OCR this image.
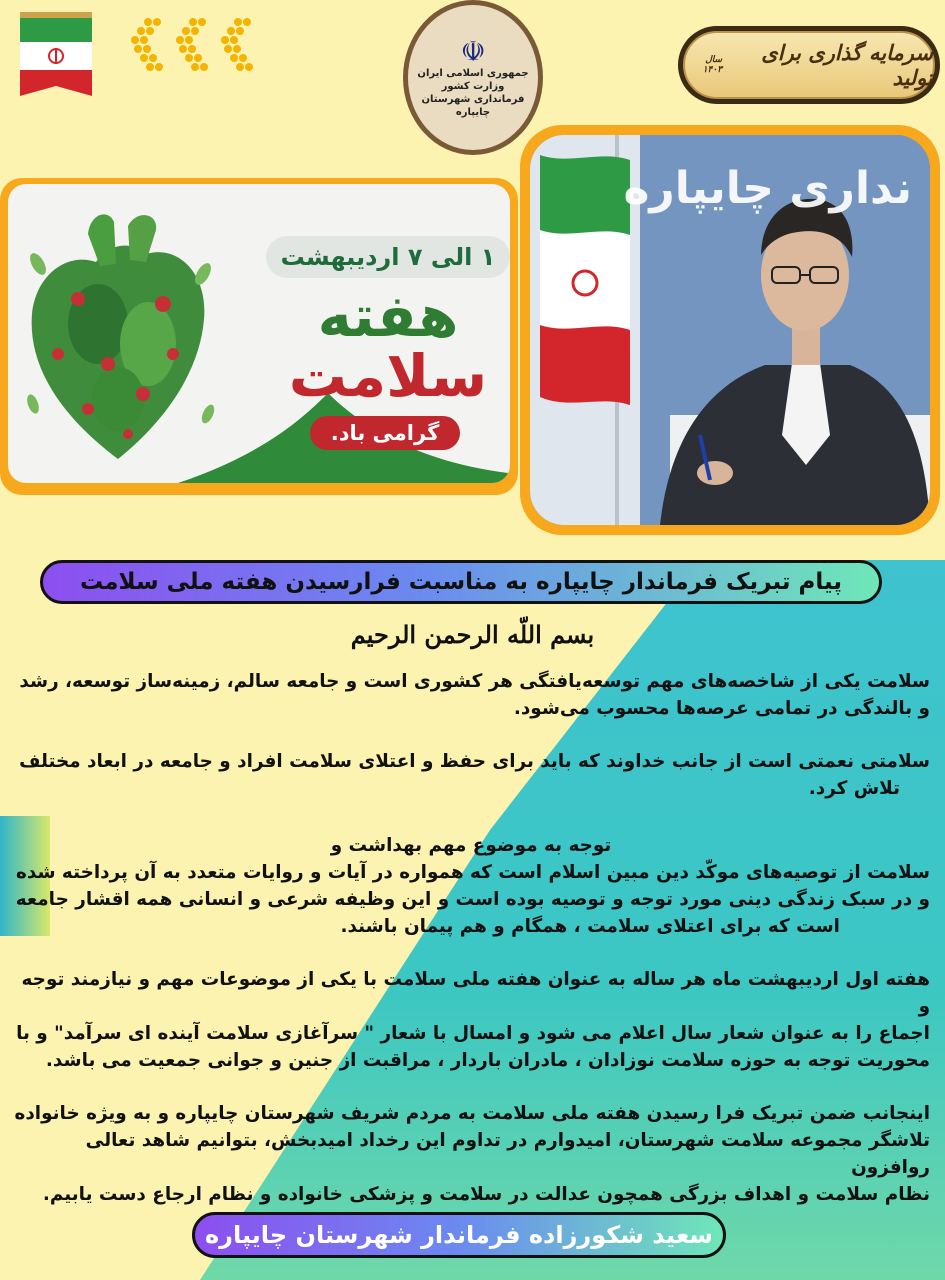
☫
جمهوری اسلامی ایران
وزارت کشور
فرمانداری شهرستان چایپاره
سرمایه گذاری برای تولید
سال ۱۴۰۳
۱ الی ۷ اردیبهشت
هفته
سلامت
گرامی باد.
نداری چایپاره
پیام تبریک فرماندار چایپاره به مناسبت فرارسیدن هفته ملی سلامت
بسم اللّه الرحمن الرحیم

سلامت یکی از شاخصه‌های مهم توسعه‌یافتگی هر کشوری است و جامعه سالم، زمینه‌ساز توسعه، رشد
و بالندگی در تمامی عرصه‌ها محسوب می‌شود.

سلامتی نعمتی است از جانب خداوند که باید برای حفظ و اعتلای سلامت افراد و جامعه در ابعاد مختلف
تلاش کرد.

توجه به موضوع مهم بهداشت و
سلامت از توصیه‌های موکّد دین مبین اسلام است که همواره در آیات و روایات متعدد به آن پرداخته شده
و در سبک زندگی دینی مورد توجه و توصیه بوده است و این وظیفه شرعی و انسانی همه اقشار جامعه
است که برای اعتلای سلامت ، همگام و هم پیمان باشند.

هفته اول اردیبهشت ماه هر ساله به عنوان هفته ملی سلامت با یکی از موضوعات مهم و نیازمند توجه و
اجماع را به عنوان شعار سال اعلام می شود و امسال با شعار " سرآغازی سلامت آینده ای سرآمد" و با
محوریت توجه به حوزه سلامت نوزادان ، مادران باردار ، مراقبت از جنین و جوانی جمعیت می باشد.

اینجانب ضمن تبریک فرا رسیدن هفته ملی سلامت به مردم شریف شهرستان چایپاره و به ویژه خانواده
تلاشگر مجموعه سلامت شهرستان، امیدوارم در تداوم این رخداد امیدبخش، بتوانیم شاهد تعالی روافزون
نظام سلامت و اهداف بزرگی همچون عدالت در سلامت و پزشکی خانواده و نظام ارجاع دست یابیم.

سعید شکورزاده فرماندار شهرستان چایپاره
